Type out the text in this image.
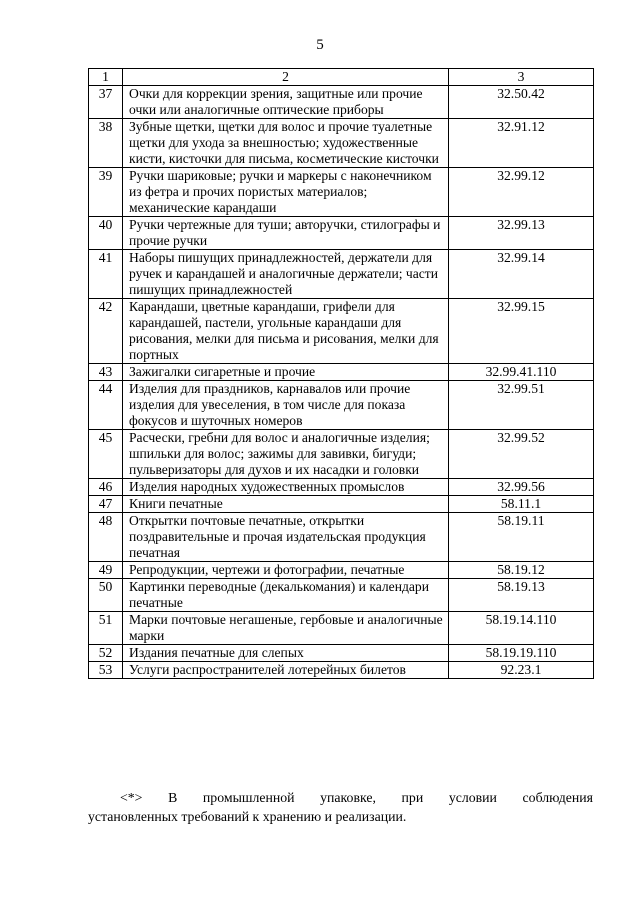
5
1	2	3
37	Очки для коррекции зрения, защитные или прочие очки или аналогичные оптические приборы	32.50.42
38	Зубные щетки, щетки для волос и прочие туалетные щетки для ухода за внешностью; художественные кисти, кисточки для письма, косметические кисточки	32.91.12
39	Ручки шариковые; ручки и маркеры с наконечником из фетра и прочих пористых материалов; механические карандаши	32.99.12
40	Ручки чертежные для туши; авторучки, стилографы и прочие ручки	32.99.13
41	Наборы пишущих принадлежностей, держатели для ручек и карандашей и аналогичные держатели; части пишущих принадлежностей	32.99.14
42	Карандаши, цветные карандаши, грифели для карандашей, пастели, угольные карандаши для рисования, мелки для письма и рисования, мелки для портных	32.99.15
43	Зажигалки сигаретные и прочие	32.99.41.110
44	Изделия для праздников, карнавалов или прочие изделия для увеселения, в том числе для показа фокусов и шуточных номеров	32.99.51
45	Расчески, гребни для волос и аналогичные изделия; шпильки для волос; зажимы для завивки, бигуди; пульверизаторы для духов и их насадки и головки	32.99.52
46	Изделия народных художественных промыслов	32.99.56
47	Книги печатные	58.11.1
48	Открытки почтовые печатные, открытки поздравительные и прочая издательская продукция печатная	58.19.11
49	Репродукции, чертежи и фотографии, печатные	58.19.12
50	Картинки переводные (декалькомания) и календари печатные	58.19.13
51	Марки почтовые негашеные, гербовые и аналогичные марки	58.19.14.110
52	Издания печатные для слепых	58.19.19.110
53	Услуги распространителей лотерейных билетов	92.23.1
<*> В промышленной упаковке, при условии соблюдения
установленных требований к хранению и реализации.
